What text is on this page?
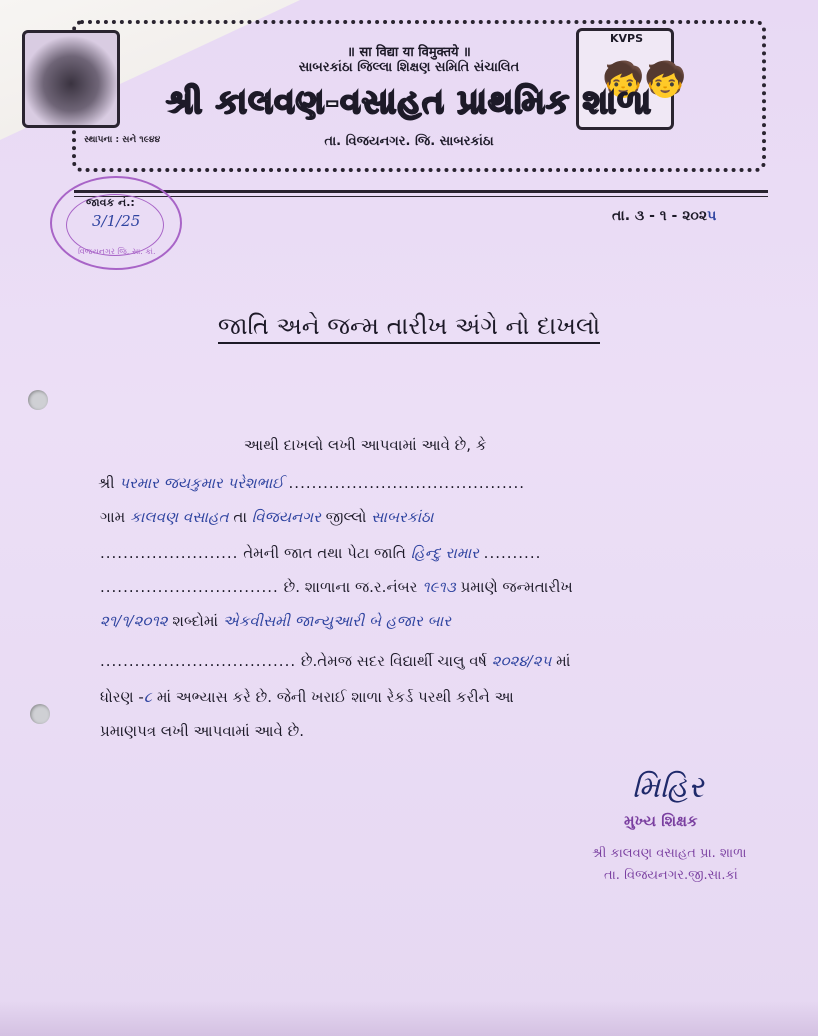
KVPS
🧒🧒
સ્થાપના : સને ૧૯૪૪
॥ सा विद्या या विमुक्तये ॥
સાબરકાંઠા જિલ્લા શિક્ષણ સમિતિ સંચાલિત
શ્રી કાલવણ-વસાહત પ્રાથમિક શાળા
તા. વિજયનગર. જિ. સાબરકાંઠા
જાવક નં.:
3/1/25
વિજયનગર જિ. સા. કાં.
તા. ૩ - ૧ - ૨૦૨૫
જાતિ અને જન્મ તારીખ અંગે નો દાખલો
આથી દાખલો લખી આપવામાં આવે છે, કે
શ્રી પરમાર જયકુમાર પરેશભાઈ .........................................
ગામ કાલવણ વસાહત તા વિજયનગર જીલ્લો સાબરકાંઠા
........................ તેમની જાત તથા પેટા જાતિ હિન્દુ રામાર ..........
............................... છે. શાળાના જ.ર.નંબર ૧૯૧૩ પ્રમાણે જન્મતારીખ
૨૧/૧/૨૦૧૨ શબ્દોમાં એકવીસમી જાન્યુઆરી બે હજાર બાર
.................................. છે.તેમજ સદર વિદ્યાર્થી ચાલુ વર્ષ ૨૦૨૪/૨૫ માં
ધોરણ -૮ માં અભ્યાસ કરે છે. જેની ખરાઈ શાળા રેકર્ડ પરથી કરીને આ
પ્રમાણપત્ર લખી આપવામાં આવે છે.
મિહિર
મુખ્ય શિક્ષક
શ્રી કાલવણ વસાહત પ્રા. શાળા
તા. વિજયનગર.જી.સા.કાં
